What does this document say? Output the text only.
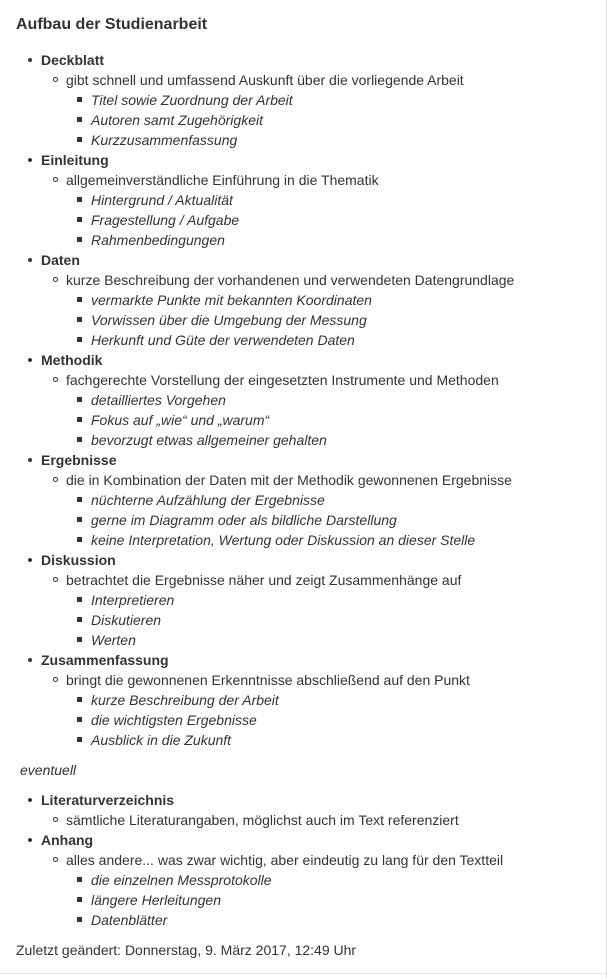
Aufbau der Studienarbeit
Deckblatt
gibt schnell und umfassend Auskunft über die vorliegende Arbeit
Titel sowie Zuordnung der Arbeit
Autoren samt Zugehörigkeit
Kurzzusammenfassung
Einleitung
allgemeinverständliche Einführung in die Thematik
Hintergrund / Aktualität
Fragestellung / Aufgabe
Rahmenbedingungen
Daten
kurze Beschreibung der vorhandenen und verwendeten Datengrundlage
vermarkte Punkte mit bekannten Koordinaten
Vorwissen über die Umgebung der Messung
Herkunft und Güte der verwendeten Daten
Methodik
fachgerechte Vorstellung der eingesetzten Instrumente und Methoden
detailliertes Vorgehen
Fokus auf „wie“ und „warum“
bevorzugt etwas allgemeiner gehalten
Ergebnisse
die in Kombination der Daten mit der Methodik gewonnenen Ergebnisse
nüchterne Aufzählung der Ergebnisse
gerne im Diagramm oder als bildliche Darstellung
keine Interpretation, Wertung oder Diskussion an dieser Stelle
Diskussion
betrachtet die Ergebnisse näher und zeigt Zusammenhänge auf
Interpretieren
Diskutieren
Werten
Zusammenfassung
bringt die gewonnenen Erkenntnisse abschließend auf den Punkt
kurze Beschreibung der Arbeit
die wichtigsten Ergebnisse
Ausblick in die Zukunft
eventuell
Literaturverzeichnis
sämtliche Literaturangaben, möglichst auch im Text referenziert
Anhang
alles andere... was zwar wichtig, aber eindeutig zu lang für den Textteil
die einzelnen Messprotokolle
längere Herleitungen
Datenblätter
Zuletzt geändert: Donnerstag, 9. März 2017, 12:49 Uhr
